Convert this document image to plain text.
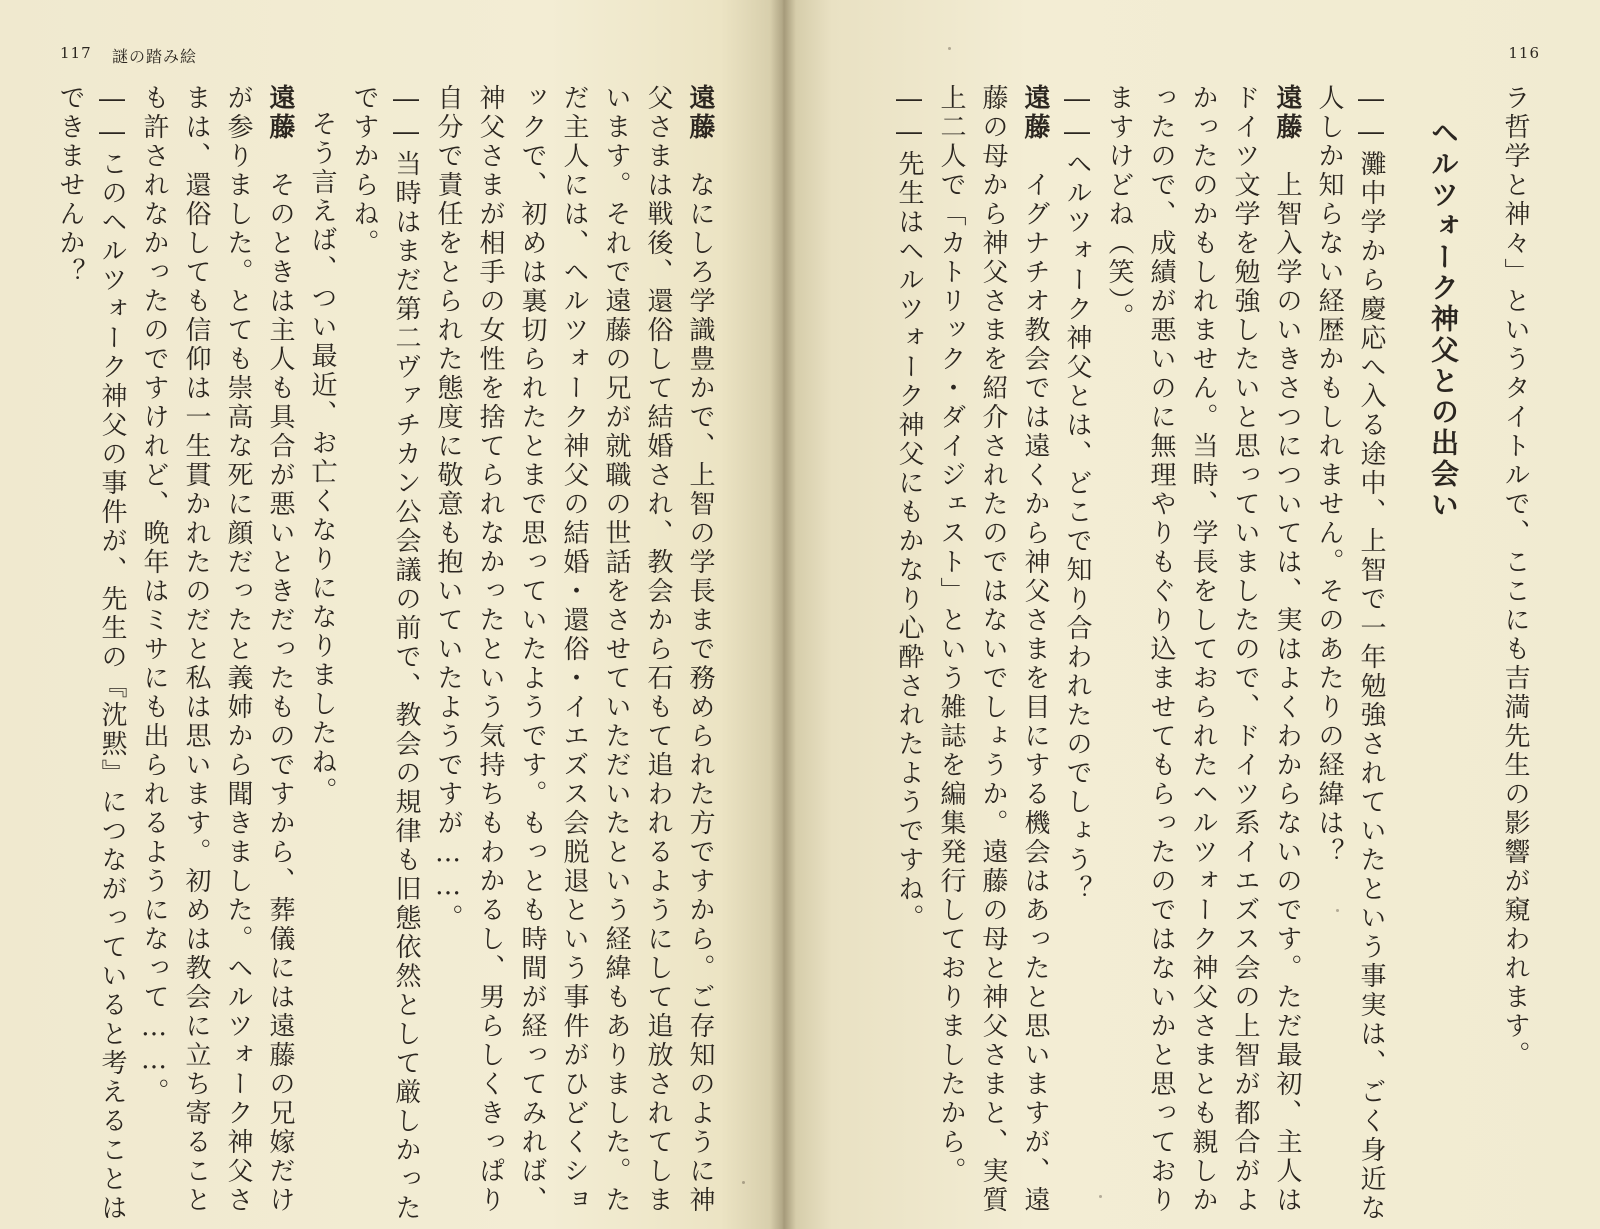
117 謎の踏み絵
遠藤　なにしろ学識豊かで、上智の学長まで務められた方ですから。ご存知のように神
父さまは戦後、還俗して結婚され、教会から石もて追われるようにして追放されてしま
います。それで遠藤の兄が就職の世話をさせていただいたという経緯もありました。た
だ主人には、ヘルツォーク神父の結婚・還俗・イエズス会脱退という事件がひどくショ
ックで、初めは裏切られたとまで思っていたようです。もっとも時間が経ってみれば、
神父さまが相手の女性を捨てられなかったという気持ちもわかるし、男らしくきっぱり
自分で責任をとられた態度に敬意も抱いていたようですが……。
――当時はまだ第二ヴァチカン公会議の前で、教会の規律も旧態依然として厳しかった
ですからね。
そう言えば、つい最近、お亡くなりになりましたね。
遠藤　そのときは主人も具合が悪いときだったものですから、葬儀には遠藤の兄嫁だけ
が参りました。とても崇高な死に顔だったと義姉から聞きました。ヘルツォーク神父さ
まは、還俗しても信仰は一生貫かれたのだと私は思います。初めは教会に立ち寄ること
も許されなかったのですけれど、晩年はミサにも出られるようになって……。
――このヘルツォーク神父の事件が、先生の『沈黙』につながっていると考えることは
できませんか？
116
ラ哲学と神々」というタイトルで、ここにも吉満先生の影響が窺われます。
ヘルツォーク神父との出会い
――灘中学から慶応へ入る途中、上智で一年勉強されていたという事実は、ごく身近な
人しか知らない経歴かもしれません。そのあたりの経緯は？
遠藤　上智入学のいきさつについては、実はよくわからないのです。ただ最初、主人は
ドイツ文学を勉強したいと思っていましたので、ドイツ系イエズス会の上智が都合がよ
かったのかもしれません。当時、学長をしておられたヘルツォーク神父さまとも親しか
ったので、成績が悪いのに無理やりもぐり込ませてもらったのではないかと思っており
ますけどね（笑）。
――ヘルツォーク神父とは、どこで知り合われたのでしょう？
遠藤　イグナチオ教会では遠くから神父さまを目にする機会はあったと思いますが、遠
藤の母から神父さまを紹介されたのではないでしょうか。遠藤の母と神父さまと、実質
上二人で「カトリック・ダイジェスト」という雑誌を編集発行しておりましたから。
――先生はヘルツォーク神父にもかなり心酔されたようですね。
